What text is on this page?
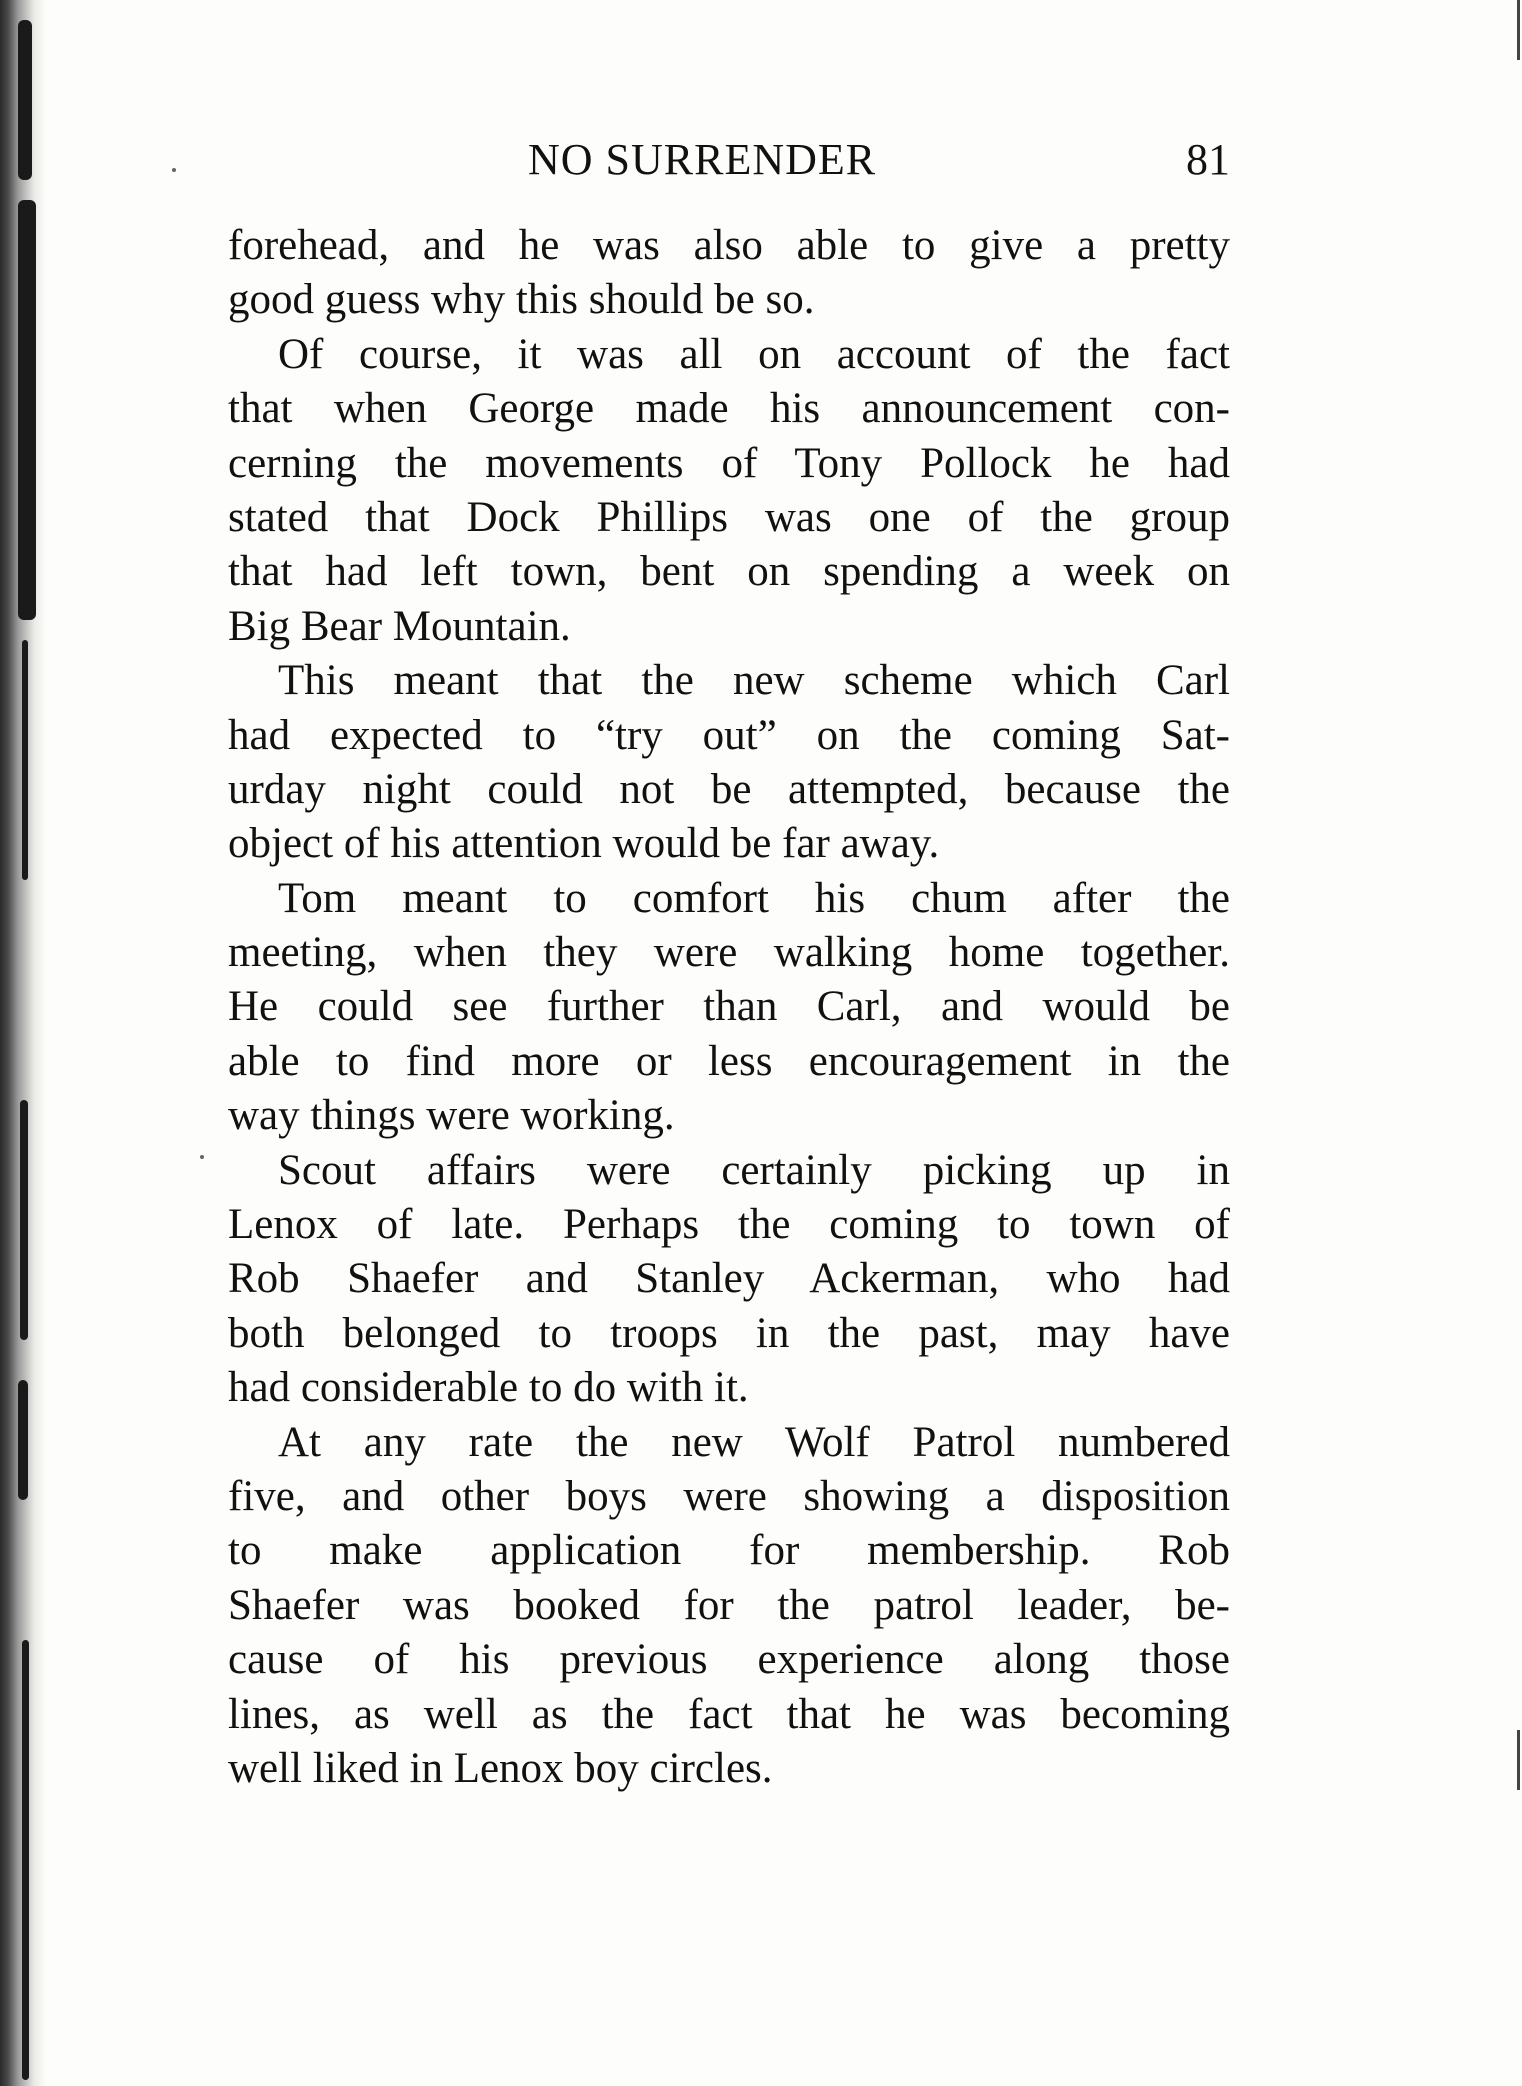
NO SURRENDER	81
forehead, and he was also able to give a pretty
good guess why this should be so.
Of course, it was all on account of the fact
that when George made his announcement con-
cerning the movements of Tony Pollock he had
stated that Dock Phillips was one of the group
that had left town, bent on spending a week on
Big Bear Mountain.
This meant that the new scheme which Carl
had expected to “try out” on the coming Sat-
urday night could not be attempted, because the
object of his attention would be far away.
Tom meant to comfort his chum after the
meeting, when they were walking home together.
He could see further than Carl, and would be
able to find more or less encouragement in the
way things were working.
Scout affairs were certainly picking up in
Lenox of late. Perhaps the coming to town of
Rob Shaefer and Stanley Ackerman, who had
both belonged to troops in the past, may have
had considerable to do with it.
At any rate the new Wolf Patrol numbered
five, and other boys were showing a disposition
to make application for membership. Rob
Shaefer was booked for the patrol leader, be-
cause of his previous experience along those
lines, as well as the fact that he was becoming
well liked in Lenox boy circles.
